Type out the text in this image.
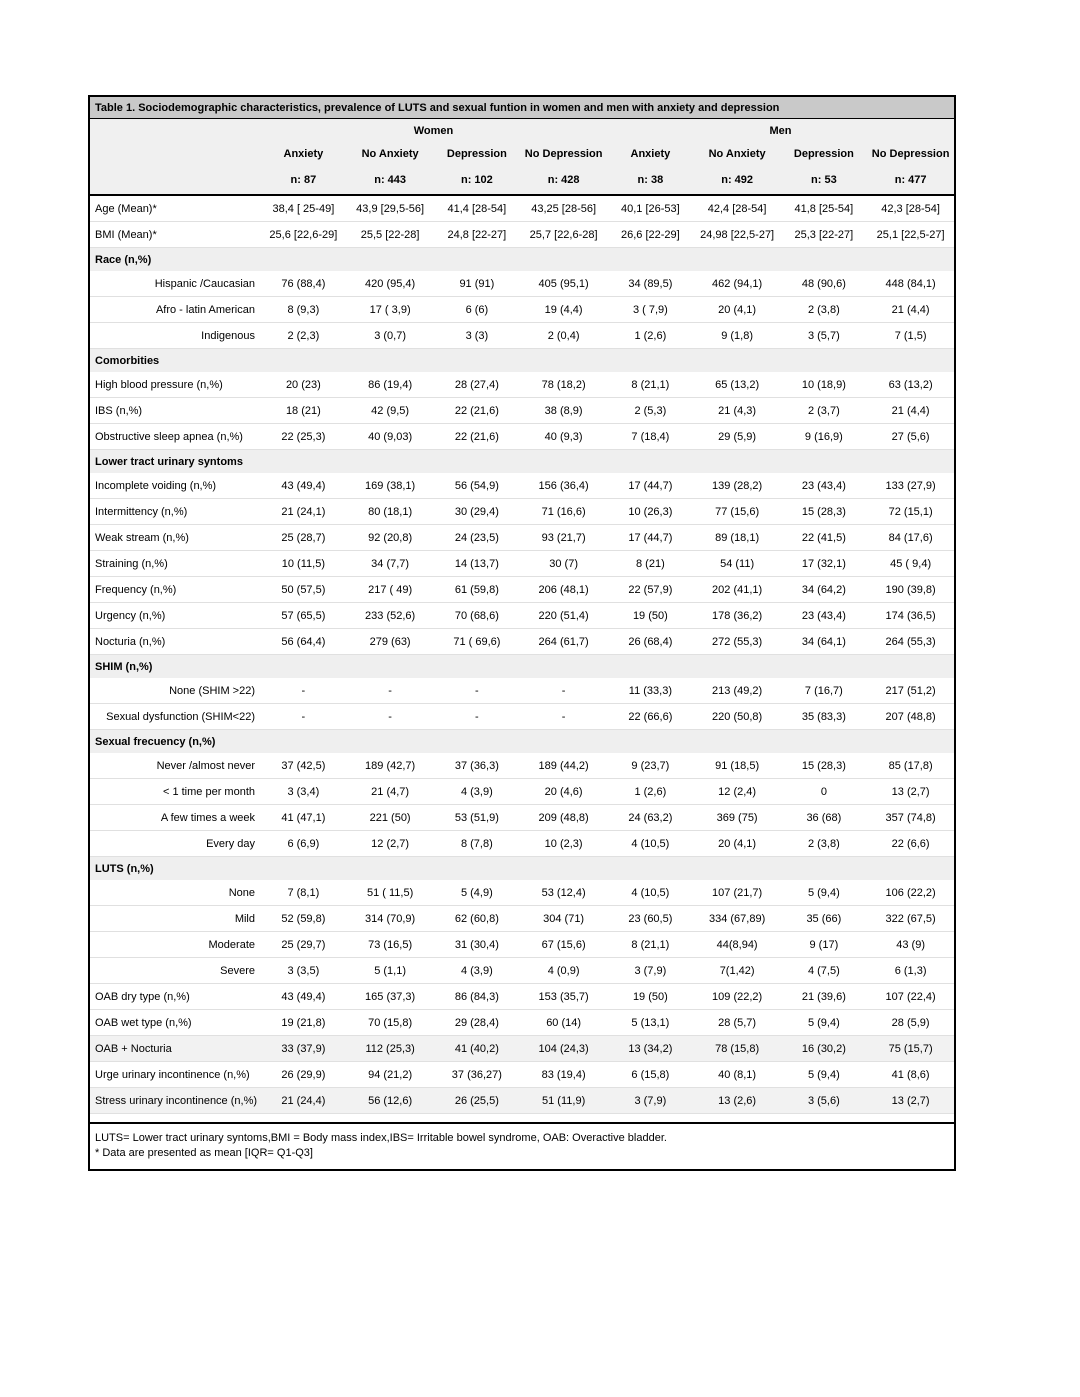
Table 1. Sociodemographic characteristics, prevalence of LUTS and sexual funtion in women and men with anxiety and depression
	Women				Men			
	Anxiety	No Anxiety	Depression	No Depression	Anxiety	No Anxiety	Depression	No Depression
	n: 87	n: 443	n: 102	n: 428	n: 38	n: 492	n: 53	n: 477
Age (Mean)*	38,4 [ 25-49]	43,9 [29,5-56]	41,4 [28-54]	43,25 [28-56]	40,1 [26-53]	42,4 [28-54]	41,8 [25-54]	42,3 [28-54]
BMI (Mean)*	25,6 [22,6-29]	25,5 [22-28]	24,8 [22-27]	25,7 [22,6-28]	26,6 [22-29]	24,98 [22,5-27]	25,3 [22-27]	25,1 [22,5-27]
Race (n,%)								
Hispanic /Caucasian	76 (88,4)	420 (95,4)	91 (91)	405 (95,1)	34 (89,5)	462 (94,1)	48 (90,6)	448 (84,1)
Afro - latin American	8 (9,3)	17 ( 3,9)	6 (6)	19 (4,4)	3 ( 7,9)	20 (4,1)	2 (3,8)	21 (4,4)
Indigenous	2 (2,3)	3 (0,7)	3 (3)	2 (0,4)	1 (2,6)	9 (1,8)	3 (5,7)	7 (1,5)
Comorbities								
High blood pressure (n,%)	20 (23)	86 (19,4)	28 (27,4)	78 (18,2)	8 (21,1)	65 (13,2)	10 (18,9)	63 (13,2)
IBS (n,%)	18 (21)	42 (9,5)	22 (21,6)	38 (8,9)	2 (5,3)	21 (4,3)	2 (3,7)	21 (4,4)
Obstructive sleep apnea (n,%)	22 (25,3)	40 (9,03)	22 (21,6)	40 (9,3)	7 (18,4)	29 (5,9)	9 (16,9)	27 (5,6)
Lower tract urinary syntoms								
Incomplete voiding (n,%)	43 (49,4)	169 (38,1)	56 (54,9)	156 (36,4)	17 (44,7)	139 (28,2)	23 (43,4)	133 (27,9)
Intermittency (n,%)	21 (24,1)	80 (18,1)	30 (29,4)	71 (16,6)	10 (26,3)	77 (15,6)	15 (28,3)	72 (15,1)
Weak stream (n,%)	25 (28,7)	92 (20,8)	24 (23,5)	93 (21,7)	17 (44,7)	89 (18,1)	22 (41,5)	84 (17,6)
Straining (n,%)	10 (11,5)	34 (7,7)	14 (13,7)	30 (7)	8 (21)	54 (11)	17 (32,1)	45 ( 9,4)
Frequency (n,%)	50 (57,5)	217 ( 49)	61 (59,8)	206 (48,1)	22 (57,9)	202 (41,1)	34 (64,2)	190 (39,8)
Urgency (n,%)	57 (65,5)	233 (52,6)	70 (68,6)	220 (51,4)	19 (50)	178 (36,2)	23 (43,4)	174 (36,5)
Nocturia (n,%)	56 (64,4)	279 (63)	71 ( 69,6)	264 (61,7)	26 (68,4)	272 (55,3)	34 (64,1)	264 (55,3)
SHIM (n,%)								
None (SHIM >22)	-	-	-	-	11 (33,3)	213 (49,2)	7 (16,7)	217 (51,2)
Sexual dysfunction (SHIM<22)	-	-	-	-	22 (66,6)	220 (50,8)	35 (83,3)	207 (48,8)
Sexual frecuency (n,%)								
Never /almost never	37 (42,5)	189 (42,7)	37 (36,3)	189 (44,2)	9 (23,7)	91 (18,5)	15 (28,3)	85 (17,8)
< 1 time per month	3 (3,4)	21 (4,7)	4 (3,9)	20 (4,6)	1 (2,6)	12 (2,4)	0	13 (2,7)
A few times a week	41 (47,1)	221 (50)	53 (51,9)	209 (48,8)	24 (63,2)	369 (75)	36 (68)	357 (74,8)
Every day	6 (6,9)	12 (2,7)	8 (7,8)	10 (2,3)	4 (10,5)	20 (4,1)	2 (3,8)	22 (6,6)
LUTS (n,%)								
None	7 (8,1)	51 ( 11,5)	5 (4,9)	53 (12,4)	4 (10,5)	107 (21,7)	5 (9,4)	106 (22,2)
Mild	52 (59,8)	314 (70,9)	62 (60,8)	304 (71)	23 (60,5)	334 (67,89)	35 (66)	322 (67,5)
Moderate	25 (29,7)	73 (16,5)	31 (30,4)	67 (15,6)	8 (21,1)	44(8,94)	9 (17)	43 (9)
Severe	3 (3,5)	5 (1,1)	4 (3,9)	4 (0,9)	3 (7,9)	7(1,42)	4 (7,5)	6 (1,3)
OAB dry type (n,%)	43 (49,4)	165 (37,3)	86 (84,3)	153 (35,7)	19 (50)	109 (22,2)	21 (39,6)	107 (22,4)
OAB wet type (n,%)	19 (21,8)	70 (15,8)	29 (28,4)	60 (14)	5 (13,1)	28 (5,7)	5 (9,4)	28 (5,9)
OAB + Nocturia	33 (37,9)	112 (25,3)	41 (40,2)	104 (24,3)	13 (34,2)	78 (15,8)	16 (30,2)	75 (15,7)
Urge urinary incontinence (n,%)	26 (29,9)	94 (21,2)	37 (36,27)	83 (19,4)	6 (15,8)	40 (8,1)	5 (9,4)	41 (8,6)
Stress urinary incontinence (n,%)	21 (24,4)	56 (12,6)	26 (25,5)	51 (11,9)	3 (7,9)	13 (2,6)	3 (5,6)	13 (2,7)
LUTS= Lower tract urinary syntoms,BMI = Body mass index,IBS= Irritable bowel syndrome, OAB: Overactive bladder.
* Data are presented as mean [IQR= Q1-Q3]
